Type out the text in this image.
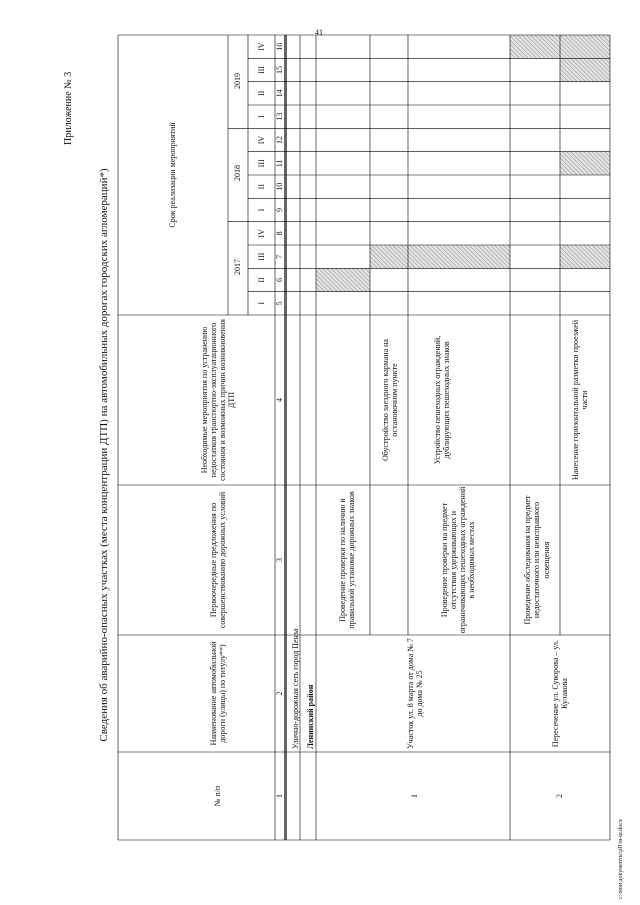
41
Приложение № 3
Сведения об аварийно-опасных участках (места концентрации ДТП) на автомобильных дорогах городских агломераций*)
№ п/п
Наименование автомобильной дороги (улицы) по титулу**)
Первоочередные предложения по совершенствованию дорожных условий
Необходимые мероприятия по устранению недостатков транспортно-эксплуатационного состояния и возможных причин возникновения ДТП
Срок реализации мероприятий
2017
2018
2019
I
II
III
IV
I
II
III
IV
I
II
III
IV
1
2
3
4
5
6
7
8
9
10
11
12
13
14
15
16
Улично-дорожная сеть город Пенза Ленинский район
1
Участок ул. 8 марта от дома № 7 до дома № 25
Проведение проверки по наличию и правильной установке дорожных знаков
Обустройство заездного кармана на остановочном пункте
Проведение проверки на предмет отсутствия удерживающих и ограничивающих пешеходных ограждений в необходимых местах
Устройство пешеходных ограждений, дублирующих пешеходных знаков
2
Пересечение ул. Суворова – ул. Кулакова
Проведение обследования на предмет недостаточного или неисправного освещения
Нанесение горизонтальной разметки проезжей части
c:\мои документы\рП\м-ш.docx
